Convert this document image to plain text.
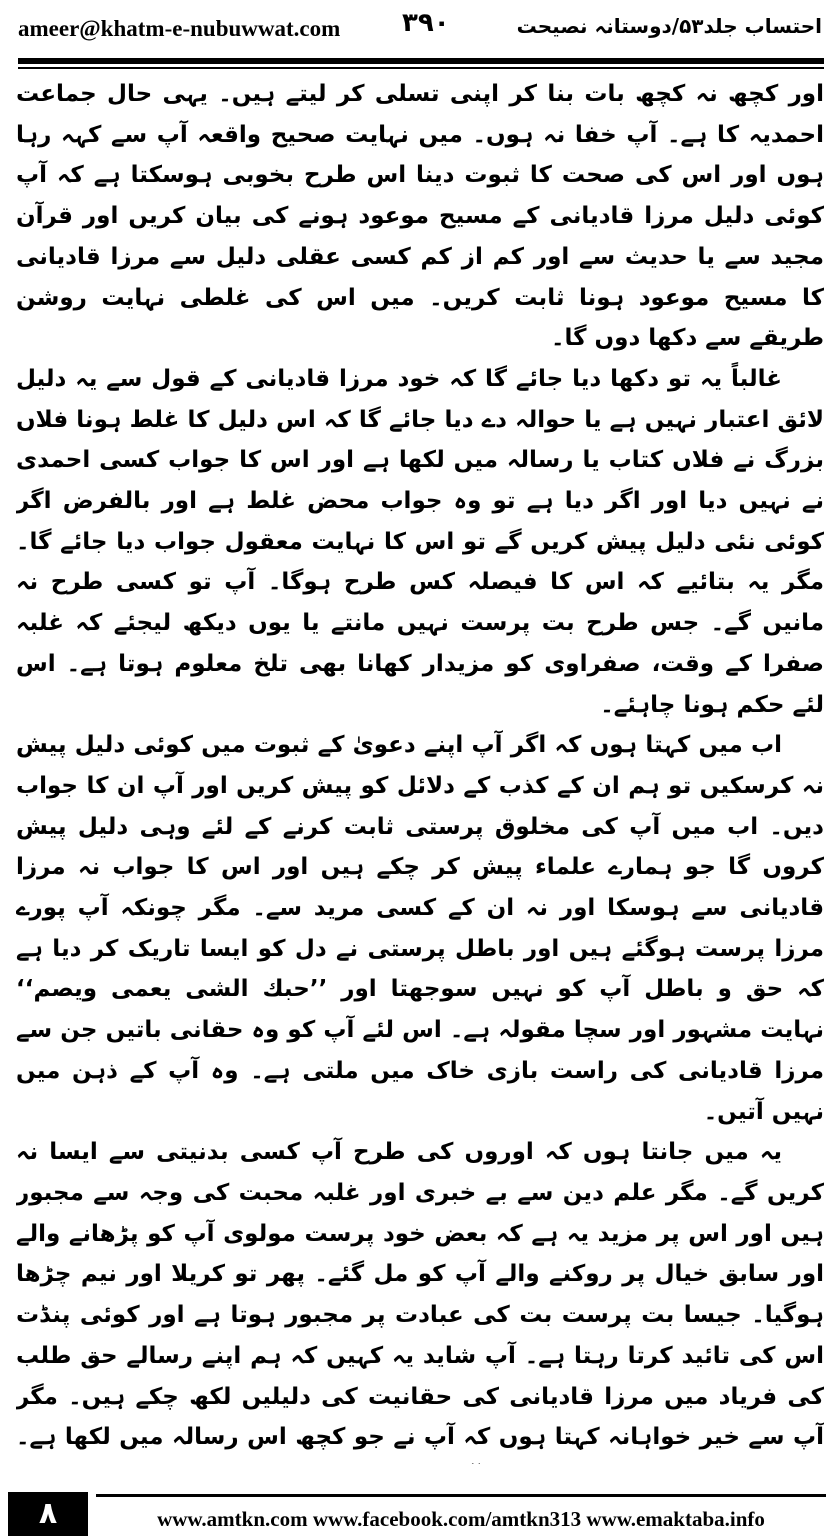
ameer@khatm-e-nubuwwat.com ۳۹۰	احتساب جلد۵۳/دوستانہ نصیحت

اور کچھ نہ کچھ بات بنا کر اپنی تسلی کر لیتے ہیں۔ یہی حال جماعت احمدیہ کا ہے۔ آپ خفا نہ ہوں۔ میں نہایت صحیح واقعہ آپ سے کہہ رہا ہوں اور اس کی صحت کا ثبوت دینا اس طرح بخوبی ہوسکتا ہے کہ آپ کوئی دلیل مرزا قادیانی کے مسیح موعود ہونے کی بیان کریں اور قرآن مجید سے یا حدیث سے اور کم از کم کسی عقلی دلیل سے مرزا قادیانی کا مسیح موعود ہونا ثابت کریں۔ میں اس کی غلطی نہایت روشن طریقے سے دکھا دوں گا۔

غالباً یہ تو دکھا دیا جائے گا کہ خود مرزا قادیانی کے قول سے یہ دلیل لائق اعتبار نہیں ہے یا حوالہ دے دیا جائے گا کہ اس دلیل کا غلط ہونا فلاں بزرگ نے فلاں کتاب یا رسالہ میں لکھا ہے اور اس کا جواب کسی احمدی نے نہیں دیا اور اگر دیا ہے تو وہ جواب محض غلط ہے اور بالفرض اگر کوئی نئی دلیل پیش کریں گے تو اس کا نہایت معقول جواب دیا جائے گا۔ مگر یہ بتائیے کہ اس کا فیصلہ کس طرح ہوگا۔ آپ تو کسی طرح نہ مانیں گے۔ جس طرح بت پرست نہیں مانتے یا یوں دیکھ لیجئے کہ غلبہ صفرا کے وقت، صفراوی کو مزیدار کھانا بھی تلخ معلوم ہوتا ہے۔ اس لئے حکم ہونا چاہئے۔

اب میں کہتا ہوں کہ اگر آپ اپنے دعویٰ کے ثبوت میں کوئی دلیل پیش نہ کرسکیں تو ہم ان کے کذب کے دلائل کو پیش کریں اور آپ ان کا جواب دیں۔ اب میں آپ کی مخلوق پرستی ثابت کرنے کے لئے وہی دلیل پیش کروں گا جو ہمارے علماء پیش کر چکے ہیں اور اس کا جواب نہ مرزا قادیانی سے ہوسکا اور نہ ان کے کسی مرید سے۔ مگر چونکہ آپ پورے مرزا پرست ہوگئے ہیں اور باطل پرستی نے دل کو ایسا تاریک کر دیا ہے کہ حق و باطل آپ کو نہیں سوجھتا اور ’’حبك الشی یعمی ویصم‘‘ نہایت مشہور اور سچا مقولہ ہے۔ اس لئے آپ کو وہ حقانی باتیں جن سے مرزا قادیانی کی راست بازی خاک میں ملتی ہے۔ وہ آپ کے ذہن میں نہیں آتیں۔

یہ میں جانتا ہوں کہ اوروں کی طرح آپ کسی بدنیتی سے ایسا نہ کریں گے۔ مگر علم دین سے بے خبری اور غلبہ محبت کی وجہ سے مجبور ہیں اور اس پر مزید یہ ہے کہ بعض خود پرست مولوی آپ کو پڑھانے والے اور سابق خیال پر روکنے والے آپ کو مل گئے۔ پھر تو کریلا اور نیم چڑھا ہوگیا۔ جیسا بت پرست بت کی عبادت پر مجبور ہوتا ہے اور کوئی پنڈت اس کی تائید کرتا رہتا ہے۔ آپ شاید یہ کہیں کہ ہم اپنے رسالے حق طلب کی فریاد میں مرزا قادیانی کی حقانیت کی دلیلیں لکھ چکے ہیں۔ مگر آپ سے خیر خواہانہ کہتا ہوں کہ آپ نے جو کچھ اس رسالہ میں لکھا ہے۔

۸	www.amtkn.com www.facebook.com/amtkn313 www.emaktaba.info
